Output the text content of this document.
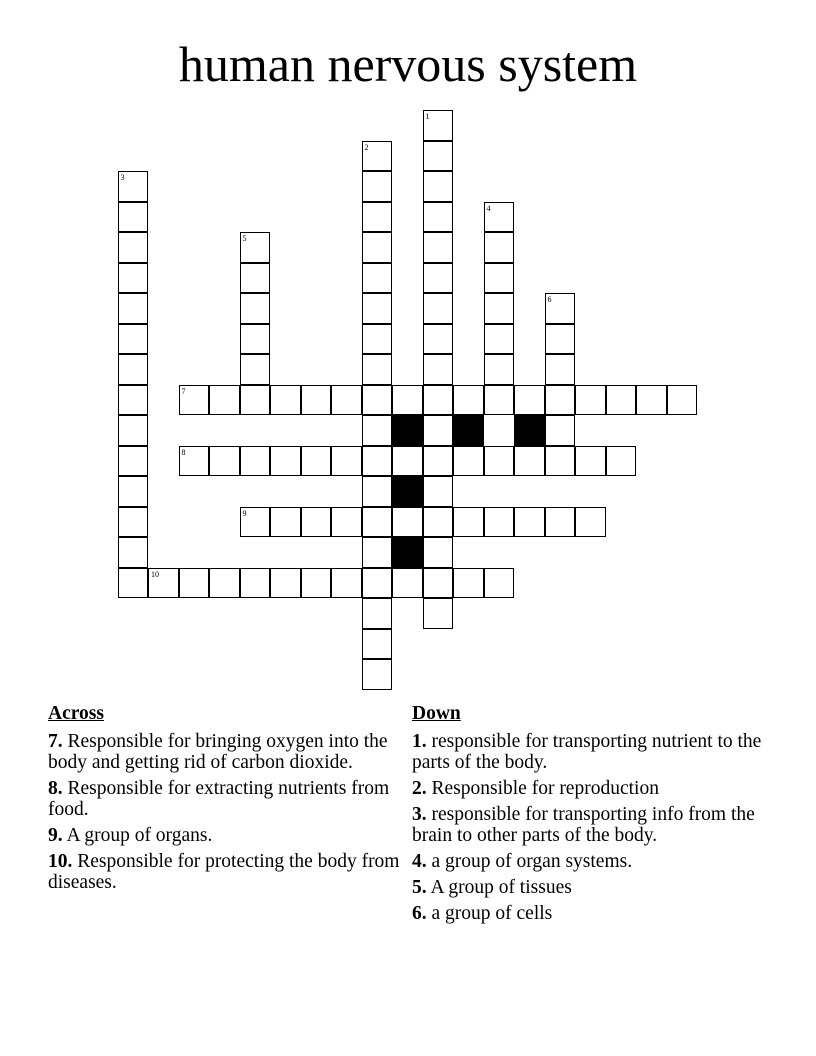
human nervous system
1
2
3
4
5
6
7
8
9
10
Across
7. Responsible for bringing oxygen into the body and getting rid of carbon dioxide.
8. Responsible for extracting nutrients from food.
9. A group of organs.
10. Responsible for protecting the body from diseases.
Down
1. responsible for transporting nutrient to the parts of the body.
2. Responsible for reproduction
3. responsible for transporting info from the brain to other parts of the body.
4. a group of organ systems.
5. A group of tissues
6. a group of cells
